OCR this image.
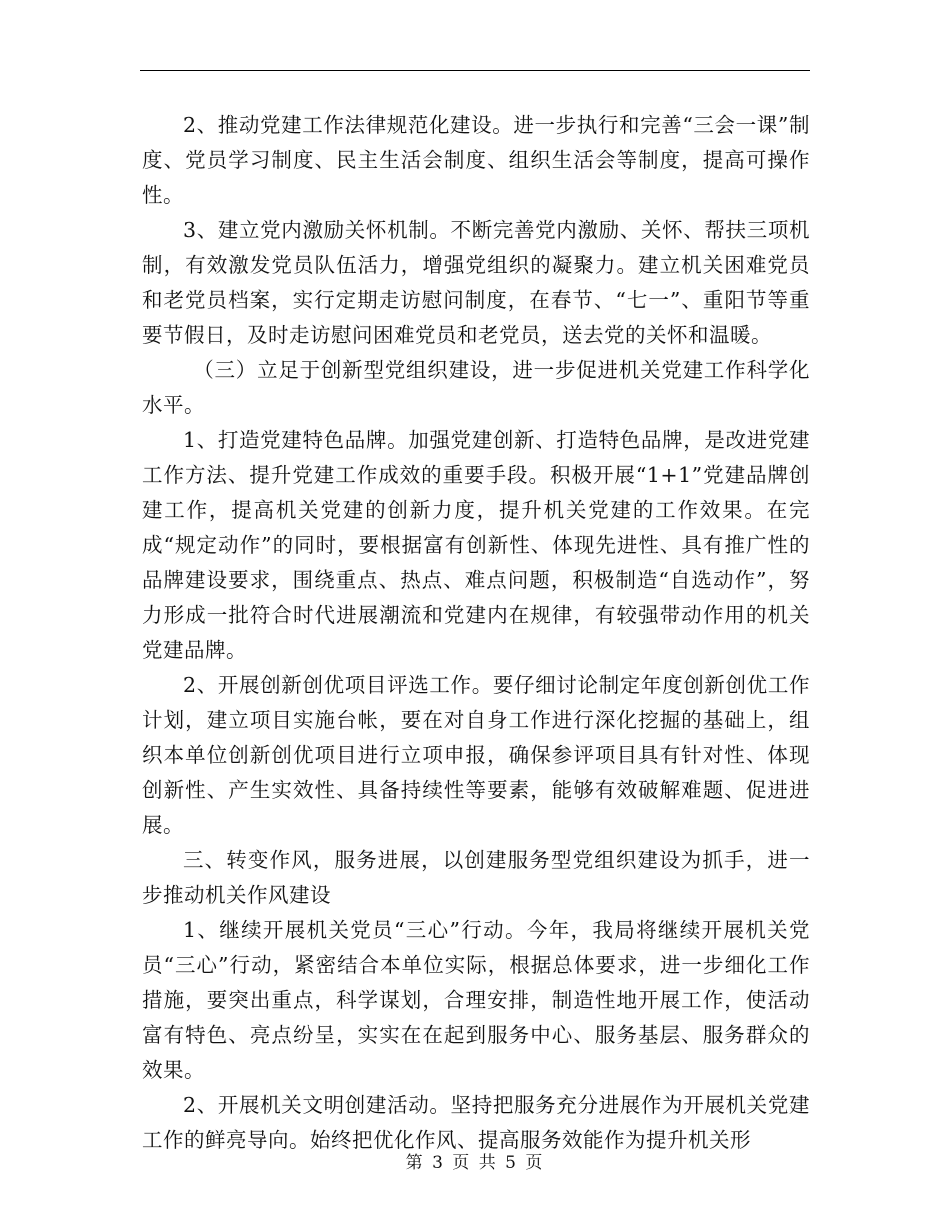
2、推动党建工作法律规范化建设。进一步执行和完善“三会一课”制度、党员学习制度、民主生活会制度、组织生活会等制度，提高可操作性。

3、建立党内激励关怀机制。不断完善党内激励、关怀、帮扶三项机制，有效激发党员队伍活力，增强党组织的凝聚力。建立机关困难党员和老党员档案，实行定期走访慰问制度，在春节、“七一”、重阳节等重要节假日，及时走访慰问困难党员和老党员，送去党的关怀和温暖。

（三）立足于创新型党组织建设，进一步促进机关党建工作科学化水平。

1、打造党建特色品牌。加强党建创新、打造特色品牌，是改进党建工作方法、提升党建工作成效的重要手段。积极开展“1+1”党建品牌创建工作，提高机关党建的创新力度，提升机关党建的工作效果。在完成“规定动作”的同时，要根据富有创新性、体现先进性、具有推广性的品牌建设要求，围绕重点、热点、难点问题，积极制造“自选动作”，努力形成一批符合时代进展潮流和党建内在规律，有较强带动作用的机关党建品牌。

2、开展创新创优项目评选工作。要仔细讨论制定年度创新创优工作计划，建立项目实施台帐，要在对自身工作进行深化挖掘的基础上，组织本单位创新创优项目进行立项申报，确保参评项目具有针对性、体现创新性、产生实效性、具备持续性等要素，能够有效破解难题、促进进展。

三、转变作风，服务进展，以创建服务型党组织建设为抓手，进一步推动机关作风建设

1、继续开展机关党员“三心”行动。今年，我局将继续开展机关党员“三心”行动，紧密结合本单位实际，根据总体要求，进一步细化工作措施，要突出重点，科学谋划，合理安排，制造性地开展工作，使活动富有特色、亮点纷呈，实实在在起到服务中心、服务基层、服务群众的效果。

2、开展机关文明创建活动。坚持把服务充分进展作为开展机关党建工作的鲜亮导向。始终把优化作风、提高服务效能作为提升机关形

第 3 页 共 5 页
